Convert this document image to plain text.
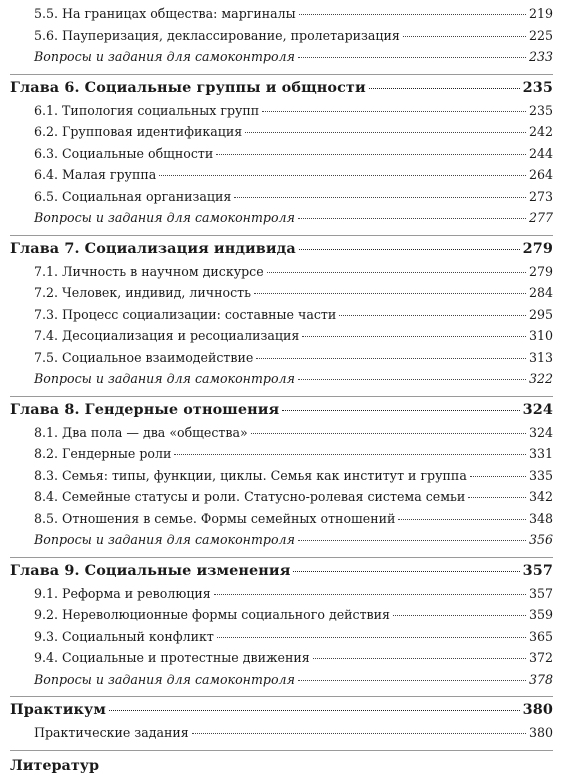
5.5. На границах общества: маргиналы	219
5.6. Пауперизация, деклассирование, пролетаризация	225
Вопросы и задания для самоконтроля	233
Глава 6. Социальные группы и общности	235
6.1. Типология социальных групп	235
6.2. Групповая идентификация	242
6.3. Социальные общности	244
6.4. Малая группа	264
6.5. Социальная организация	273
Вопросы и задания для самоконтроля	277
Глава 7. Социализация индивида	279
7.1. Личность в научном дискурсе	279
7.2. Человек, индивид, личность	284
7.3. Процесс социализации: составные части	295
7.4. Десоциализация и ресоциализация	310
7.5. Социальное взаимодействие	313
Вопросы и задания для самоконтроля	322
Глава 8. Гендерные отношения	324
8.1. Два пола — два «общества»	324
8.2. Гендерные роли	331
8.3. Семья: типы, функции, циклы. Семья как институт и группа	335
8.4. Семейные статусы и роли. Статусно-ролевая система семьи	342
8.5. Отношения в семье. Формы семейных отношений	348
Вопросы и задания для самоконтроля	356
Глава 9. Социальные изменения	357
9.1. Реформа и революция	357
9.2. Нереволюционные формы социального действия	359
9.3. Социальный конфликт	365
9.4. Социальные и протестные движения	372
Вопросы и задания для самоконтроля	378
Практикум	380
Практические задания	380
Литератур
